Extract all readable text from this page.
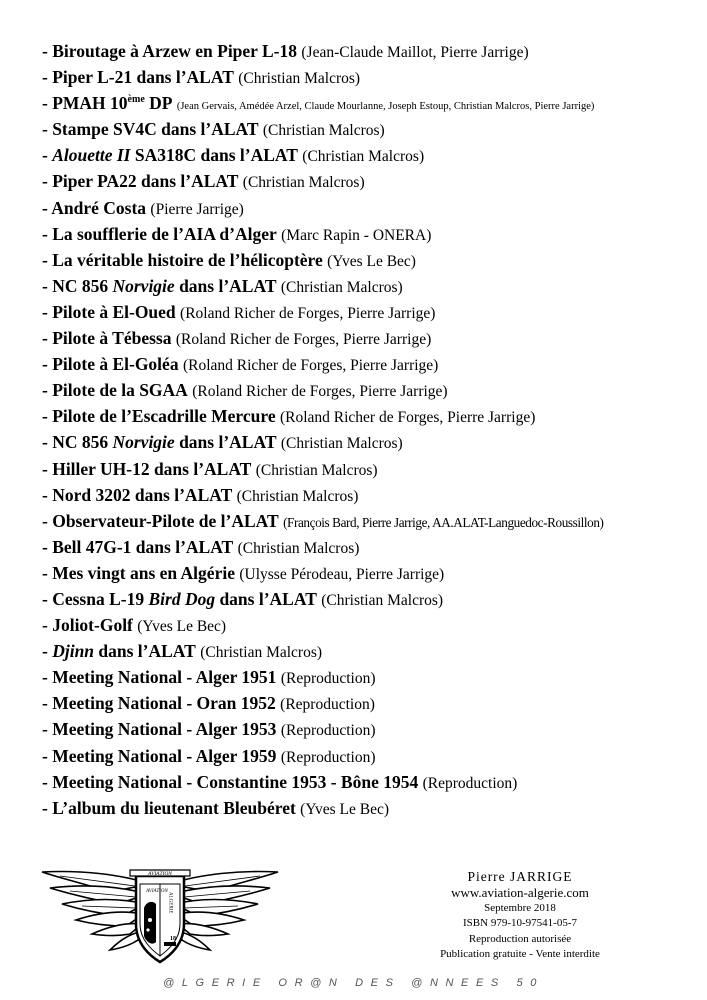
- Biroutage à Arzew en Piper L-18 (Jean-Claude Maillot, Pierre Jarrige)
- Piper L-21 dans l’ALAT (Christian Malcros)
- PMAH 10ème DP (Jean Gervais, Amédée Arzel, Claude Mourlanne, Joseph Estoup, Christian Malcros, Pierre Jarrige)
- Stampe SV4C dans l’ALAT (Christian Malcros)
- Alouette II SA318C dans l’ALAT (Christian Malcros)
- Piper PA22 dans l’ALAT (Christian Malcros)
- André Costa (Pierre Jarrige)
- La soufflerie de l’AIA d’Alger (Marc Rapin - ONERA)
- La véritable histoire de l’hélicoptère (Yves Le Bec)
- NC 856 Norvigie dans l’ALAT (Christian Malcros)
- Pilote à El-Oued (Roland Richer de Forges, Pierre Jarrige)
- Pilote à Tébessa (Roland Richer de Forges, Pierre Jarrige)
- Pilote à El-Goléa (Roland Richer de Forges, Pierre Jarrige)
- Pilote de la SGAA (Roland Richer de Forges, Pierre Jarrige)
- Pilote de l’Escadrille Mercure (Roland Richer de Forges, Pierre Jarrige)
- NC 856 Norvigie dans l’ALAT (Christian Malcros)
- Hiller UH-12 dans l’ALAT (Christian Malcros)
- Nord 3202 dans l’ALAT (Christian Malcros)
- Observateur-Pilote de l’ALAT (François Bard, Pierre Jarrige, AA.ALAT-Languedoc-Roussillon)
- Bell 47G-1 dans l’ALAT (Christian Malcros)
- Mes vingt ans en Algérie (Ulysse Pérodeau, Pierre Jarrige)
- Cessna L-19 Bird Dog dans l’ALAT (Christian Malcros)
- Joliot-Golf (Yves Le Bec)
- Djinn dans l’ALAT (Christian Malcros)
- Meeting National - Alger 1951 (Reproduction)
- Meeting National - Oran 1952 (Reproduction)
- Meeting National - Alger 1953 (Reproduction)
- Meeting National - Alger 1959 (Reproduction)
- Meeting National - Constantine 1953 - Bône 1954 (Reproduction)
- L’album du lieutenant Bleubéret (Yves Le Bec)
AVIATION
AVIATION
ALGERIE
18
Pierre JARRIGE
www.aviation-algerie.com
Septembre 2018
ISBN 979-10-97541-05-7
Reproduction autorisée
Publication gratuite - Vente interdite
@LGERIE OR@N DES @NNEES 50
